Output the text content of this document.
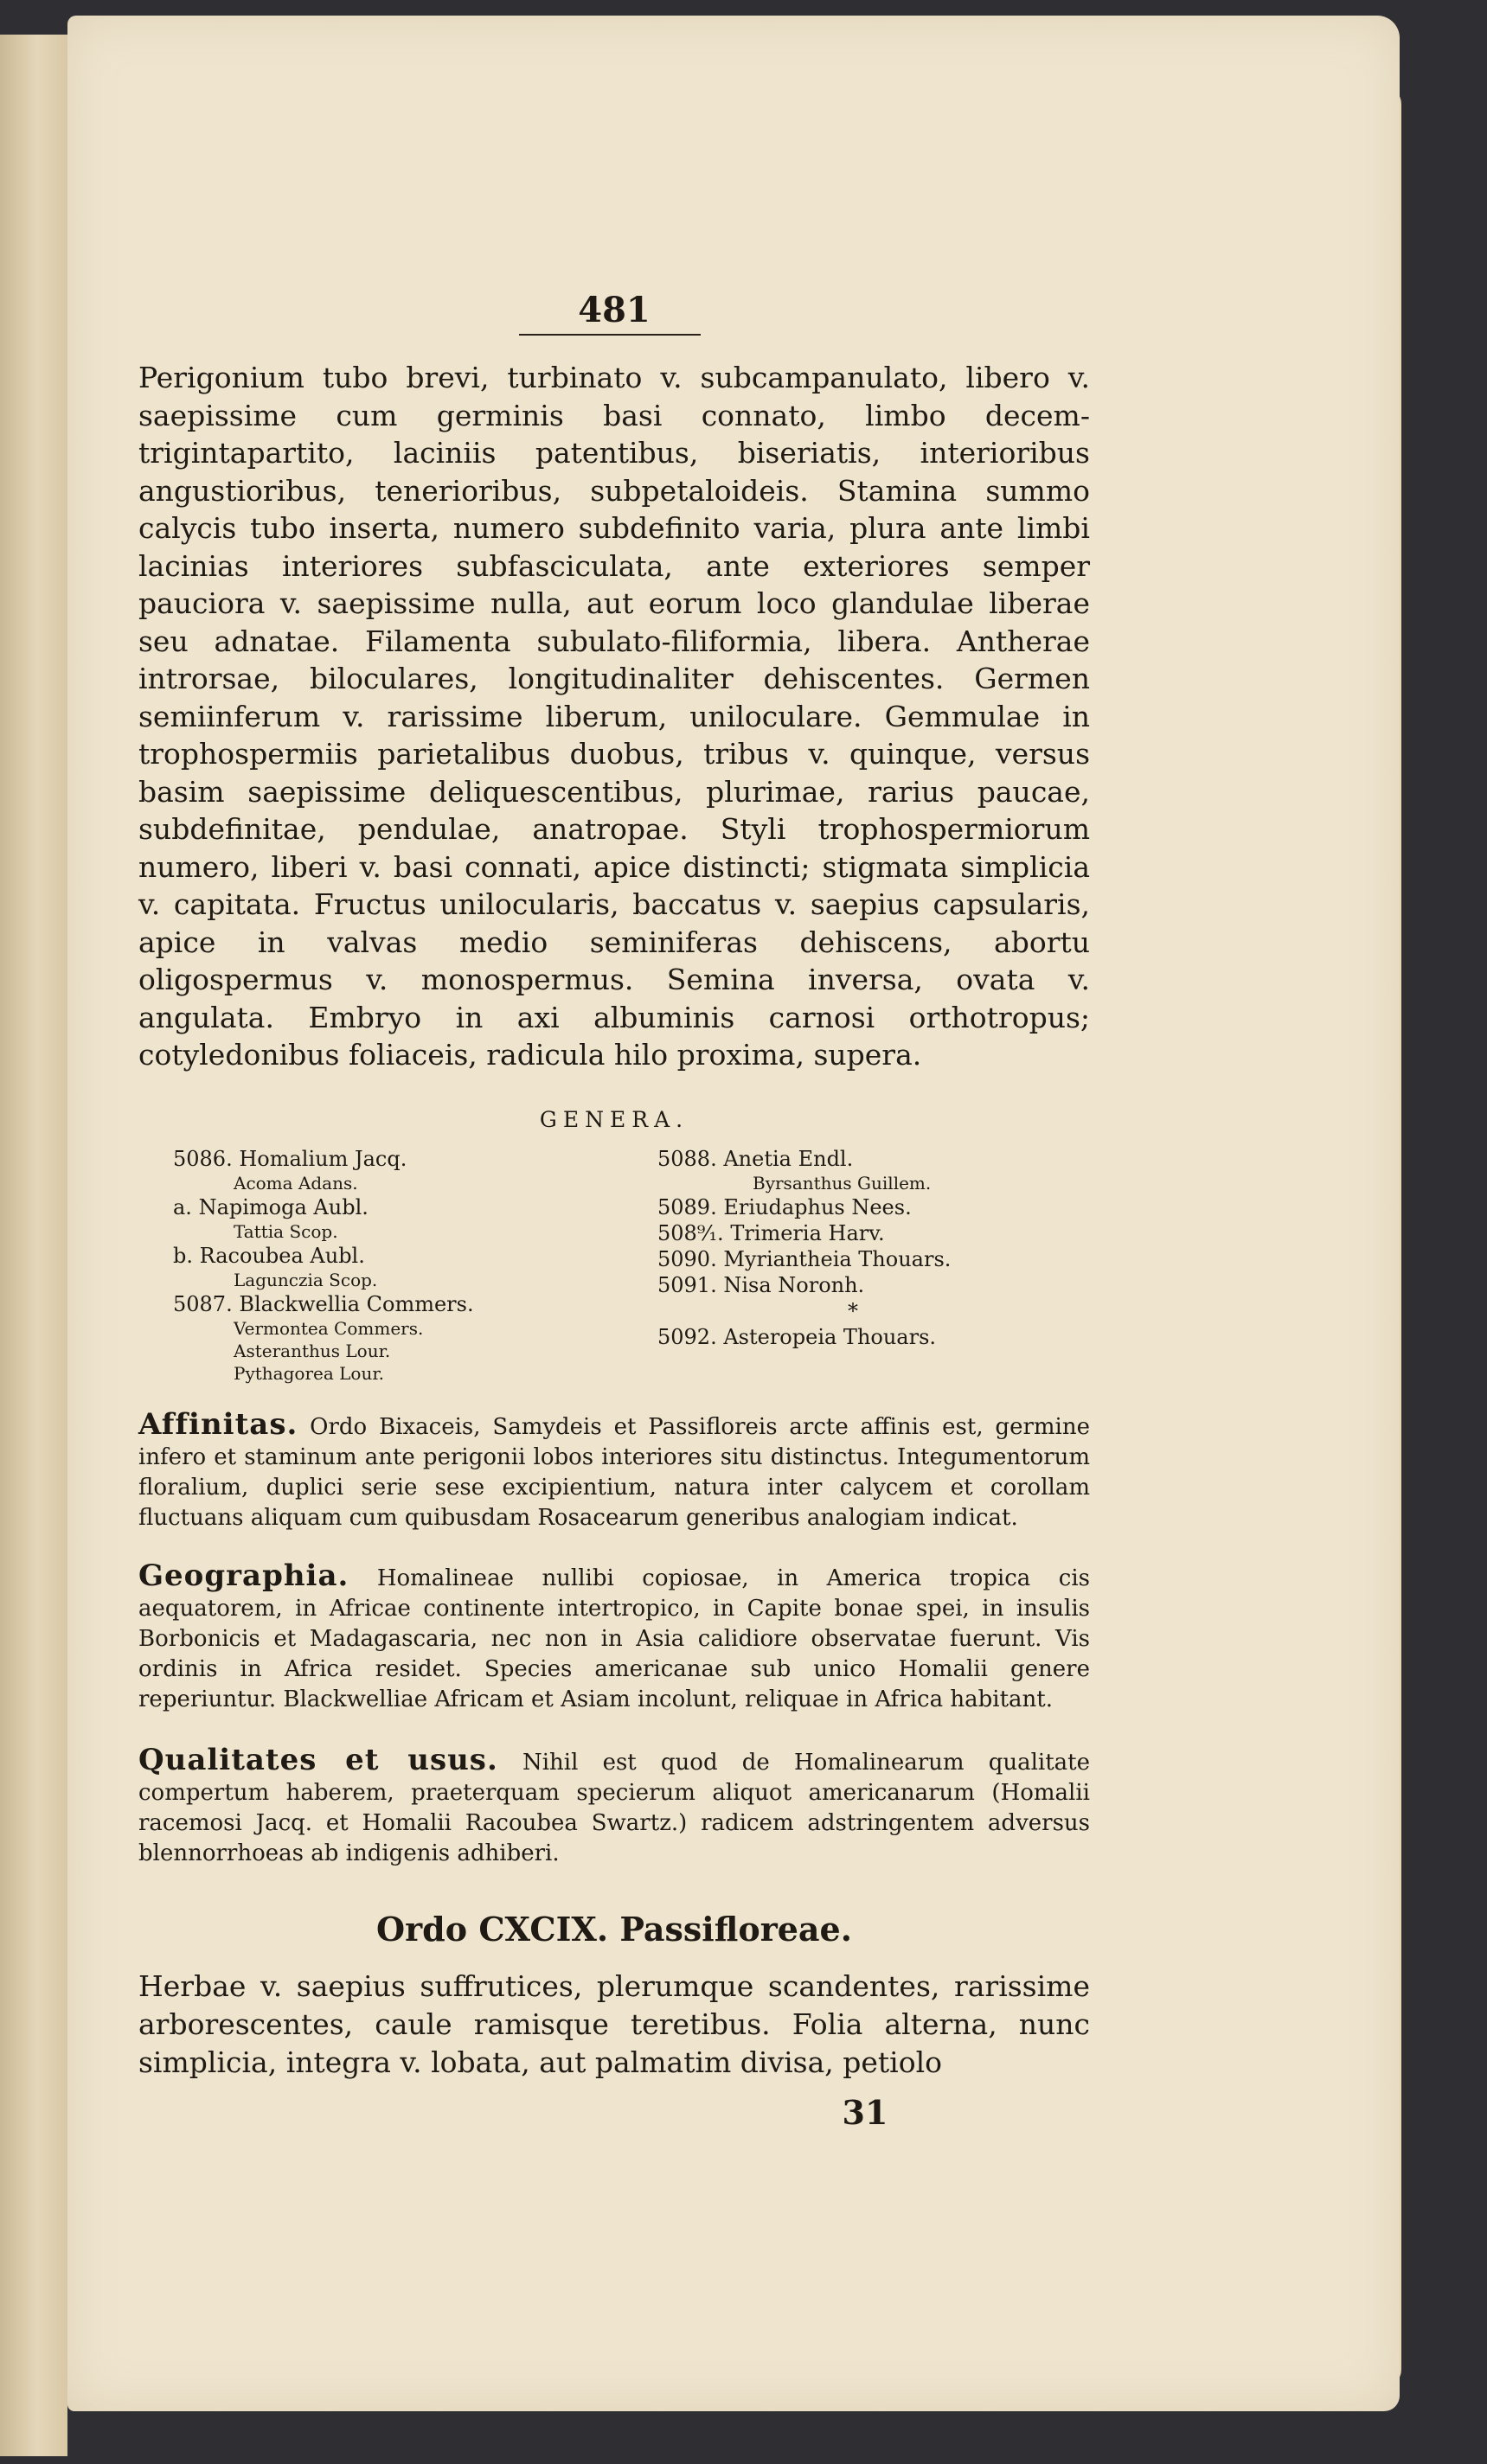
481

Perigonium tubo brevi, turbinato v. subcampanulato, libero v. saepissime cum germinis basi connato, limbo decem-trigintapartito, laciniis patentibus, biseriatis, interioribus angustioribus, tenerioribus, subpetaloideis. Stamina summo calycis tubo inserta, numero subdefinito varia, plura ante limbi lacinias interiores subfasciculata, ante exteriores semper pauciora v. saepissime nulla, aut eorum loco glandulae liberae seu adnatae. Filamenta subulato-filiformia, libera. Antherae introrsae, biloculares, longitudinaliter dehiscentes. Germen semiinferum v. rarissime liberum, uniloculare. Gemmulae in trophospermiis parietalibus duobus, tribus v. quinque, versus basim saepissime deliquescentibus, plurimae, rarius paucae, subdefinitae, pendulae, anatropae. Styli trophospermiorum numero, liberi v. basi connati, apice distincti; stigmata simplicia v. capitata. Fructus unilocularis, baccatus v. saepius capsularis, apice in valvas medio seminiferas dehiscens, abortu oligospermus v. monospermus. Semina inversa, ovata v. angulata. Embryo in axi albuminis carnosi orthotropus; cotyledonibus foliaceis, radicula hilo proxima, supera.

GENERA.
5086. Homalium Jacq.
Acoma Adans.
a. Napimoga Aubl.
Tattia Scop.
b. Racoubea Aubl.
Lagunczia Scop.
5087. Blackwellia Commers.
Vermontea Commers.
Asteranthus Lour.
Pythagorea Lour.
5088. Anetia Endl.
Byrsanthus Guillem.
5089. Eriudaphus Nees.
508⁹⁄₁. Trimeria Harv.
5090. Myriantheia Thouars.
5091. Nisa Noronh.
*
5092. Asteropeia Thouars.
Affinitas. Ordo Bixaceis, Samydeis et Passifloreis arcte affinis est, germine infero et staminum ante perigonii lobos interiores situ distinctus. Integumentorum floralium, duplici serie sese excipientium, natura inter calycem et corollam fluctuans aliquam cum quibusdam Rosacearum generibus analogiam indicat.
Geographia. Homalineae nullibi copiosae, in America tropica cis aequatorem, in Africae continente intertropico, in Capite bonae spei, in insulis Borbonicis et Madagascaria, nec non in Asia calidiore observatae fuerunt. Vis ordinis in Africa residet. Species americanae sub unico Homalii genere reperiuntur. Blackwelliae Africam et Asiam incolunt, reliquae in Africa habitant.
Qualitates et usus. Nihil est quod de Homalinearum qualitate compertum haberem, praeterquam specierum aliquot americanarum (Homalii racemosi Jacq. et Homalii Racoubea Swartz.) radicem adstringentem adversus blennorrhoeas ab indigenis adhiberi.
Ordo CXCIX. Passifloreae.
Herbae v. saepius suffrutices, plerumque scandentes, rarissime arborescentes, caule ramisque teretibus. Folia alterna, nunc simplicia, integra v. lobata, aut palmatim divisa, petiolo
31
